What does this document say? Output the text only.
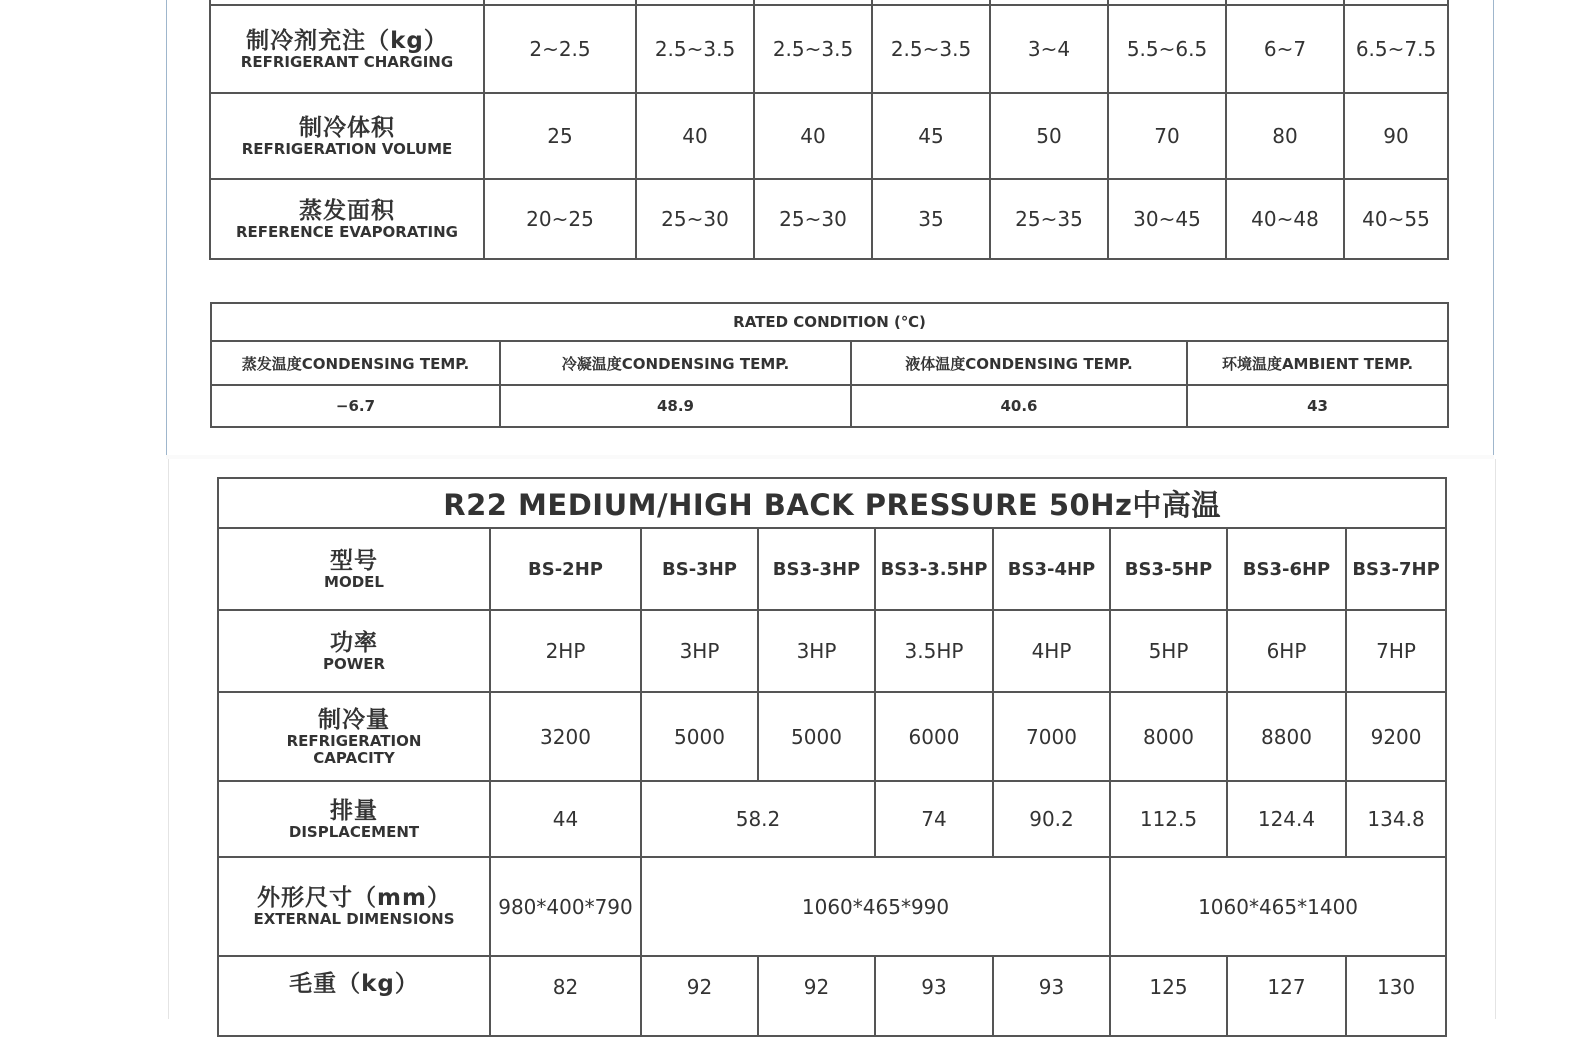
制冷剂充注（kg）
REFRIGERANT CHARGING	2~2.5	2.5~3.5	2.5~3.5	2.5~3.5	3~4	5.5~6.5	6~7	6.5~7.5

制冷体积
REFRIGERATION VOLUME	25	40	40	45	50	70	80	90

蒸发面积
REFERENCE EVAPORATING	20~25	25~30	25~30	35	25~35	30~45	40~48	40~55
RATED CONDITION (℃)			
蒸发温度CONDENSING TEMP.	冷凝温度CONDENSING TEMP.	液体温度CONDENSING TEMP.	环境温度AMBIENT TEMP.
−6.7	48.9	40.6	43
R22 MEDIUM/HIGH BACK PRESSURE 50Hz中高温								

型号
MODEL	BS-2HP	BS-3HP	BS3-3HP	BS3-3.5HP	BS3-4HP	BS3-5HP	BS3-6HP	BS3-7HP

功率
POWER	2HP	3HP	3HP	3.5HP	4HP	5HP	6HP	7HP

制冷量
REFRIGERATION
CAPACITY	3200	5000	5000	6000	7000	8000	8800	9200

排量
DISPLACEMENT	44	58.2		74	90.2	112.5	124.4	134.8

外形尺寸（mm）
EXTERNAL DIMENSIONS	980*400*790	1060*465*990				1060*465*1400		

毛重（kg）	82	92	92	93	93	125	127	130
